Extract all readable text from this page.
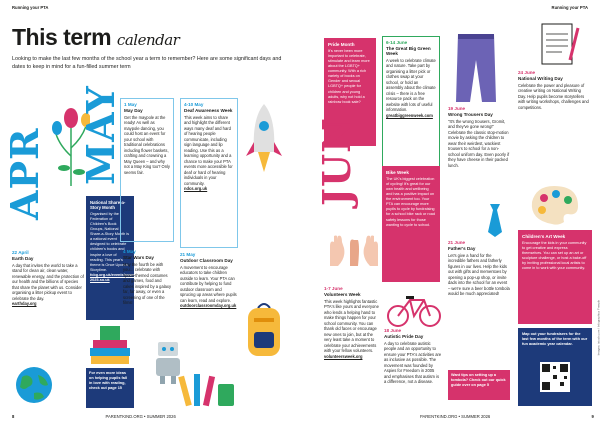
Running your PTA
This term calendar
Looking to make the last few months of the school year a term to remember? Here are some significant days and dates to keep in mind for a fun-filled summer term
APR
22 April
Earth Day
A day that invites the world to take a stand for clean air, clean water, renewable energy, and the protection of our health and the billions of species that share the planet with us. Consider organising a litter pickup event to celebrate the day.
earthday.org
MAY
National Share-a-Story Month
Organised by the Federation of Children's Book Groups, National Share-a-Story Month is a national event designed to celebrate children's books and inspire a love of reading. This year's theme is Once Upon a Storytime.
fcbg.org.uk/events/nssm-2025-so.uk
For even more ideas on helping pupils fall in love with reading, check out page 15
1 May
May Day
Get the maypole at the ready! As well as maypole dancing, you could host an event for your school with traditional celebrations including flower baskets, crafting and crowning a May Queen – and why not a May King too? Only seems fair.
4 May
Star Wars Day
May the fourth be with you… celebrate with space-themed costumes and games, food and cakes inspired by a galaxy far, far away, or even a screening of one of the films!
4-10 May
Deaf Awareness Week
This week aims to share and highlight the different ways many deaf and hard of hearing people communicate, including sign language and lip reading. Use this as a learning opportunity and a chance to make your PTA events more accessible for deaf or hard of hearing individuals in your community.
ndcs.org.uk
21 May
Outdoor Classroom Day
A movement to encourage educators to take children outside to learn. Your PTA can contribute by helping to fund outdoor classroom and sprucing up areas where pupils can learn, read and explore.
outdoorclassroomday.org.uk
8	PARENTKIND.ORG • SUMMER 2026
Running your PTA
Pride Month
It's never been more important to celebrate, stimulate and learn more about the LGBTQ+ community. With a rich variety of books on Gender and sexual LGBTQ+ people for children and young adults, why not hold a rainbow book sale?
JUN
6-14 June
The Great Big Green Week
A week to celebrate climate and nature. Take part by organising a litter pick or clothes swap at your school, or hold an assembly about the climate crisis – there is a free resource pack on the website with lots of useful information.
greatbiggreenweek.com
Bike Week
The UK's biggest celebration of cycling! It's great for our own health and wellbeing and has a positive impact on the environment too. Your PTA can encourage more pupils to cycle by fundraising for a school bike rack or road safety lessons for those wanting to cycle to school.
1-7 June
Volunteers Week
This week highlights fantastic PTA's like yours and everyone who lends a helping hand to make things happen for your school community. You can thank old faces or encourage new ones to join, but at the very least take a moment to celebrate your achievements with your fellow volunteers.
volunteersweek.org
18 June
Autistic Pride Day
A day to celebrate autistic people and an opportunity to ensure your PTA's activities are as inclusive as possible. The movement was founded by Aspies for Freedom in 2005 and emphasises that autism is a difference, not a disease.
19 June
Wrong Trousers Day
"It's the wrong trousers, Gromit, and they've gone wrong!" Celebrate the classic stop-motion movie by asking the children to wear their weirdest, wackiest trousers to school for a non-school uniform day. Even poorly if they have cheese in their packed lunch.
21 June
Father's Day
Let's give a hand for the incredible fathers and fatherly figures in our lives. Help the kids out with gifts and mementoes by opening a pop-up shop, or invite dads into the school for an event – we're sure a beer bottle tombola would be much appreciated!
Want tips on setting up a tombola? Check out our quick guide over on page 5
24 June
National Writing Day
Celebrate the power and pleasure of creative writing on National Writing Day. Help pupils become storytellers with writing workshops, challenges and competitions.
Children's Art Week
Encourage the kids in your community to get creative and express themselves. You can set up an art or sculpture challenge, or host a bake-off by inviting professional local artists to come in to work with your community.
Map out your fundraisers for the last few months of the term with our fun academic year calendar.	Images: istock.com / Infographics Freepik
PARENTKIND.ORG • SUMMER 2026	9
